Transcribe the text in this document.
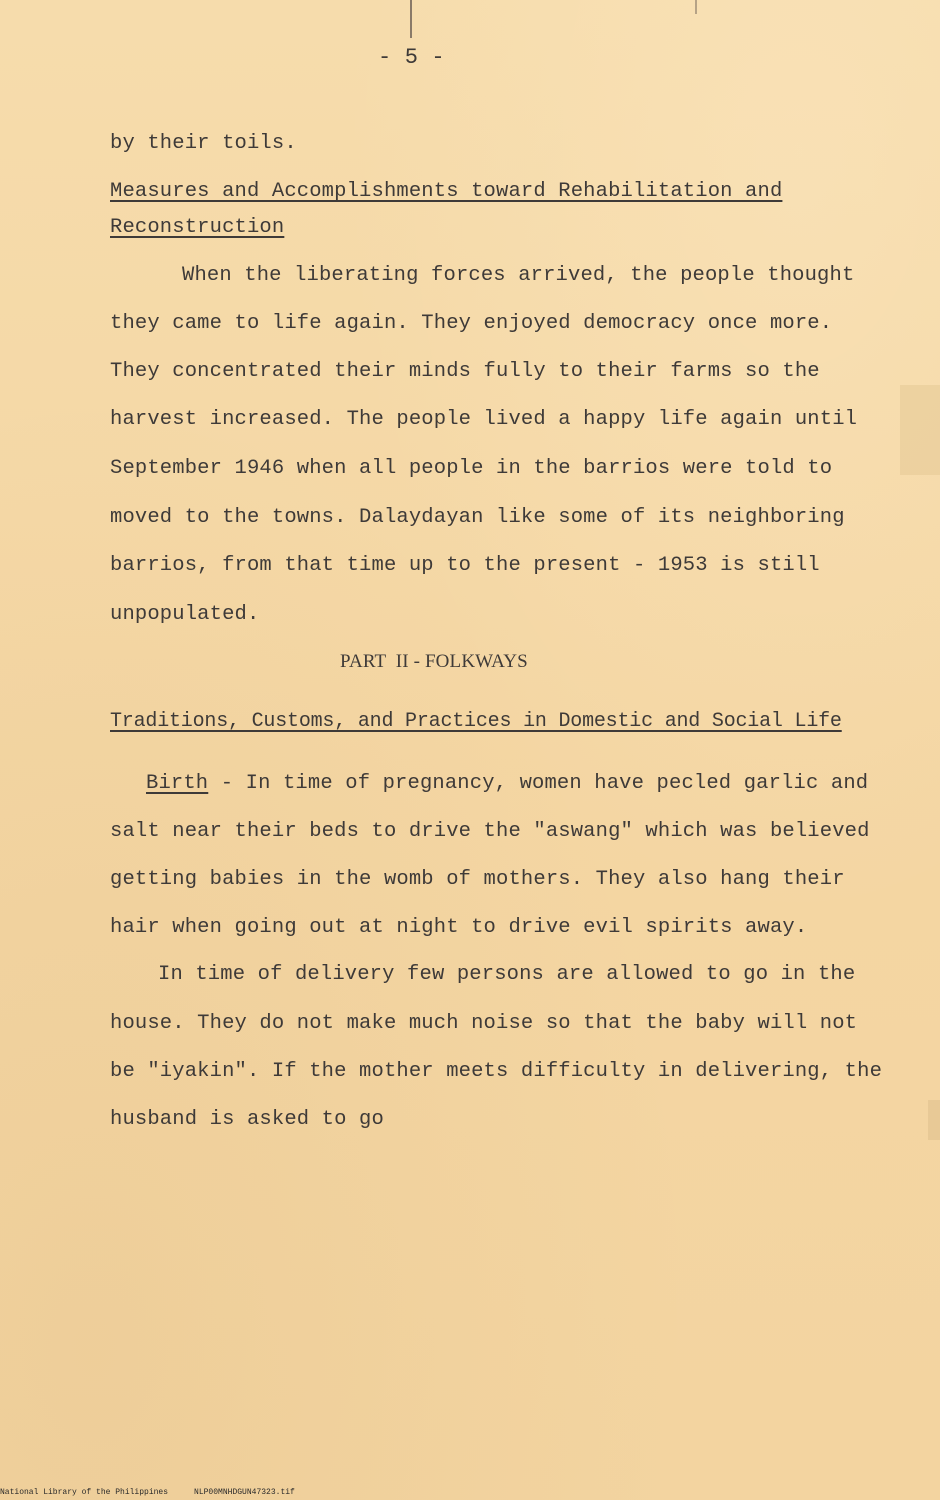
- 5 -
by their toils.
Measures and Accomplishments toward Rehabilitation and
Reconstruction
When the liberating forces arrived, the people thought
they came to life again. They enjoyed democracy once more.
They concentrated their minds fully to their farms so the
harvest increased. The people lived a happy life again until
September 1946 when all people in the barrios were told to
moved to the towns. Dalaydayan like some of its neighboring
barrios, from that time up to the present - 1953 is still
unpopulated.
PART  II - FOLKWAYS
Traditions, Customs, and Practices in Domestic and Social Life
Birth - In time of pregnancy, women have pecled garlic and
salt near their beds to drive the "aswang" which was believed
getting babies in the womb of mothers. They also hang their
hair when going out at night to drive evil spirits away.
In time of delivery few persons are allowed to go in the
house. They do not make much noise so that the baby will not
be "iyakin". If the mother meets difficulty in delivering, the
husband is asked to go
National Library of the Philippines	NLP00MNHDGUN47323.tif
